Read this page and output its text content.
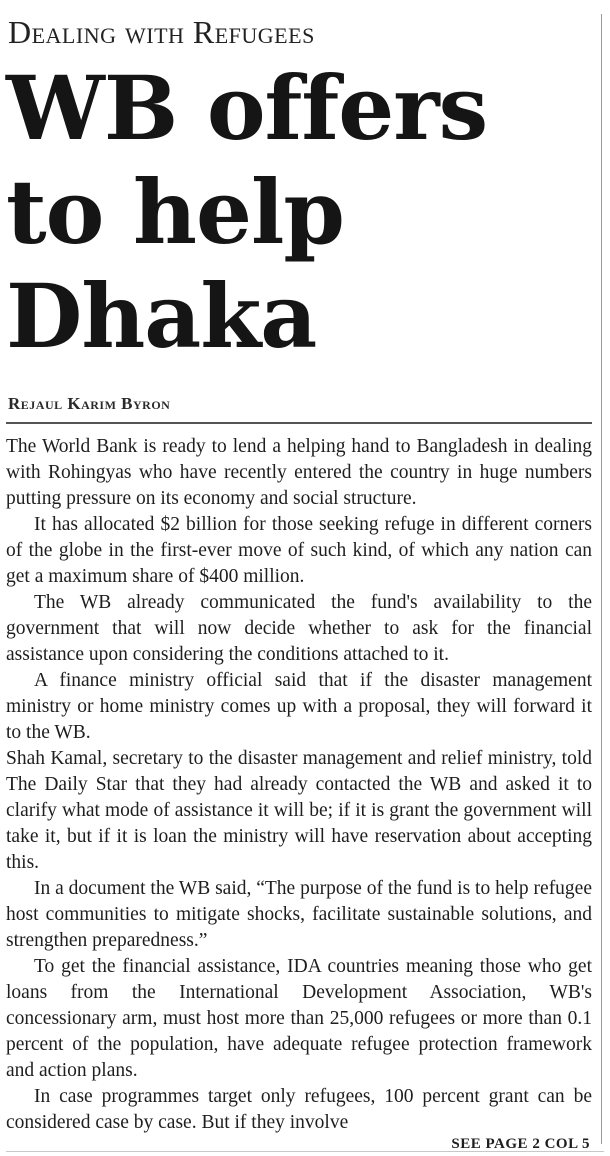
Dealing with Refugees
WB offers to help Dhaka
Rejaul Karim Byron

The World Bank is ready to lend a helping hand to Bangladesh in dealing with Rohingyas who have recently entered the country in huge numbers putting pressure on its economy and social structure.

It has allocated $2 billion for those seeking refuge in different corners of the globe in the first-ever move of such kind, of which any nation can get a maximum share of $400 million.

The WB already communicated the fund's availability to the government that will now decide whether to ask for the financial assistance upon considering the conditions attached to it.

A finance ministry official said that if the disaster management ministry or home ministry comes up with a proposal, they will forward it to the WB.

Shah Kamal, secretary to the disaster management and relief ministry, told The Daily Star that they had already contacted the WB and asked it to clarify what mode of assistance it will be; if it is grant the government will take it, but if it is loan the ministry will have reservation about accepting this.

In a document the WB said, “The purpose of the fund is to help refugee host communities to mitigate shocks, facilitate sustainable solutions, and strengthen preparedness.”

To get the financial assistance, IDA countries meaning those who get loans from the International Development Association, WB's concessionary arm, must host more than 25,000 refugees or more than 0.1 percent of the population, have adequate refugee protection framework and action plans.

In case programmes target only refugees, 100 percent grant can be considered case by case. But if they involve

SEE PAGE 2 COL 5
